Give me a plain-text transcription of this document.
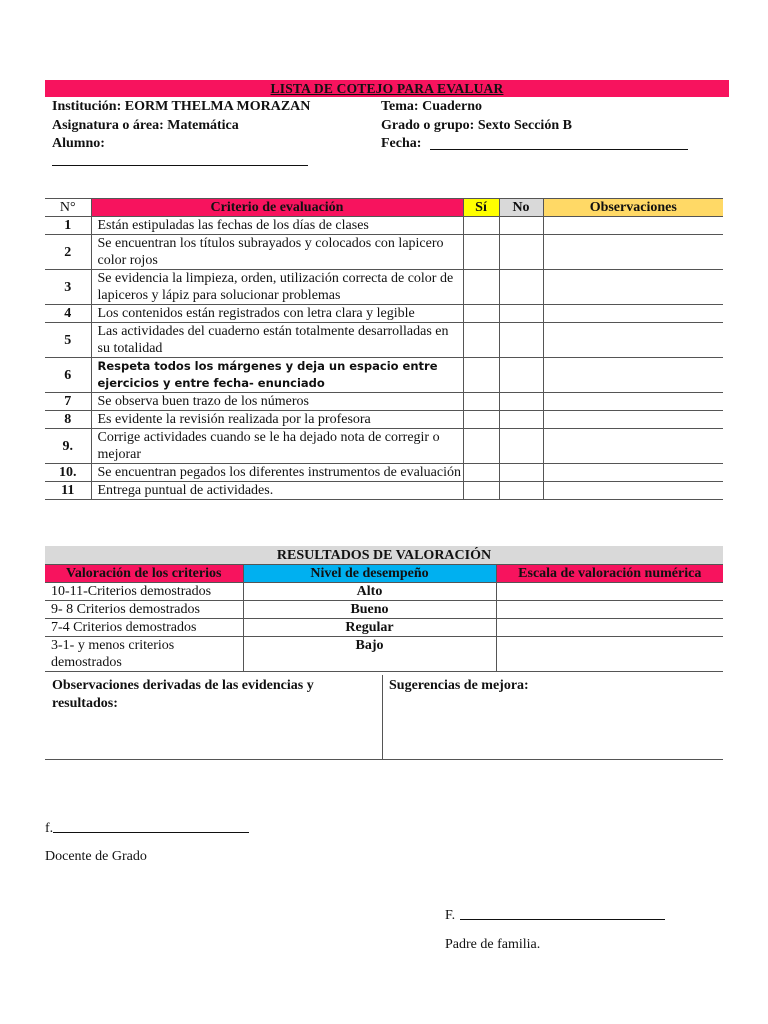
LISTA DE COTEJO PARA EVALUAR
Institución: EORM THELMA MORAZAN	Tema: Cuaderno
Asignatura o área: Matemática	Grado o grupo: Sexto Sección B
Alumno:	Fecha:
N°	Criterio de evaluación	Sí	No	Observaciones
1	Están estipuladas las fechas de los días de clases			
2	Se encuentran los títulos subrayados y colocados con lapicero color rojos			
3	Se evidencia la limpieza, orden, utilización correcta de color de lapiceros y lápiz para solucionar problemas			
4	Los contenidos están registrados con letra clara y legible			
5	Las actividades del cuaderno están totalmente desarrolladas en su totalidad			
6	Respeta todos los márgenes y deja un espacio entre ejercicios y entre fecha- enunciado			
7	Se observa buen trazo de los números			
8	Es evidente la revisión realizada por la profesora			
9.	Corrige actividades cuando se le ha dejado nota de corregir o mejorar			
10.	Se encuentran pegados los diferentes instrumentos de evaluación			
11	Entrega puntual de actividades.			
RESULTADOS DE VALORACIÓN		
Valoración de los criterios	Nivel de desempeño	Escala de valoración numérica
10-11-Criterios demostrados	Alto	
9- 8 Criterios demostrados	Bueno	
7-4 Criterios demostrados	Regular	
3-1- y menos criterios demostrados	Bajo	
Observaciones derivadas de las evidencias y resultados:
Sugerencias de mejora:
f.
Docente de Grado
F.
Padre de familia.
